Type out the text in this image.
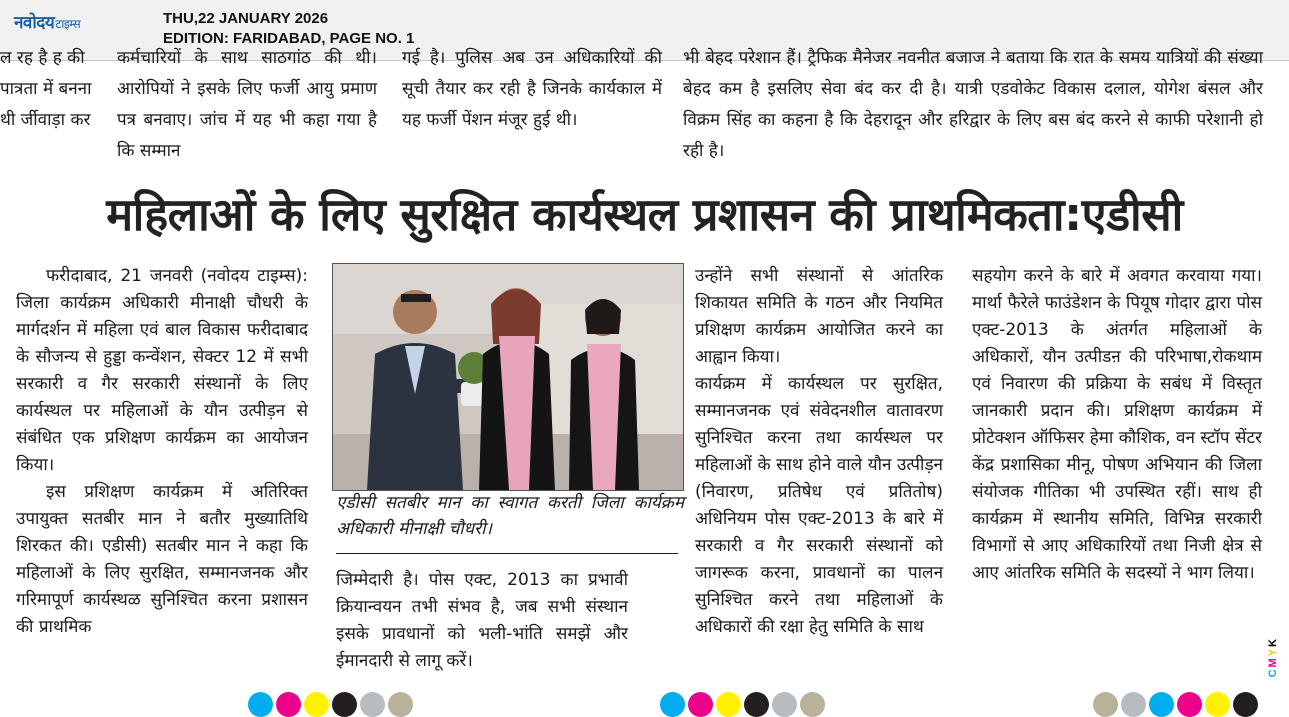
नवोदयटाइम्स	THU,22 JANUARY 2026
EDITION: FARIDABAD, PAGE NO. 1

ल रह है ह की पात्रता में बनना थी र्जीवाड़ा कर

कर्मचारियों के साथ साठगांठ की थी। आरोपियों ने इसके लिए फर्जी आयु प्रमाण पत्र बनवाए। जांच में यह भी कहा गया है कि सम्मान

गई है। पुलिस अब उन अधिकारियों की सूची तैयार कर रही है जिनके कार्यकाल में यह फर्जी पेंशन मंजूर हुई थी।

भी बेहद परेशान हैं। ट्रैफिक मैनेजर नवनीत बजाज ने बताया कि रात के समय यात्रियों की संख्या बेहद कम है इसलिए सेवा बंद कर दी है। यात्री एडवोकेट विकास दलाल, योगेश बंसल और विक्रम सिंह का कहना है कि देहरादून और हरिद्वार के लिए बस बंद करने से काफी परेशानी हो रही है।

महिलाओं के लिए सुरक्षित कार्यस्थल प्रशासन की प्राथमिकता:एडीसी

फरीदाबाद, 21 जनवरी (नवोदय टाइम्स): जिला कार्यक्रम अधिकारी मीनाक्षी चौधरी के मार्गदर्शन में महिला एवं बाल विकास फरीदाबाद के सौजन्य से हुड्डा कन्वेंशन, सेक्टर 12 में सभी सरकारी व गैर सरकारी संस्थानों के लिए कार्यस्थल पर महिलाओं के यौन उत्पीड़न से संबंधित एक प्रशिक्षण कार्यक्रम का आयोजन किया।

इस प्रशिक्षण कार्यक्रम में अतिरिक्त उपायुक्त सतबीर मान ने बतौर मुख्यातिथि शिरकत की। एडीसी) सतबीर मान ने कहा कि महिलाओं के लिए सुरक्षित, सम्मानजनक और गरिमापूर्ण कार्यस्थळ सुनिश्चित करना प्रशासन की प्राथमिक

एडीसी सतबीर मान का स्वागत करती जिला कार्यक्रम अधिकारी मीनाक्षी चौधरी।

जिम्मेदारी है। पोस एक्ट, 2013 का प्रभावी क्रियान्वयन तभी संभव है, जब सभी संस्थान इसके प्रावधानों को भली-भांति समझें और ईमानदारी से लागू करें।

उन्होंने सभी संस्थानों से आंतरिक शिकायत समिति के गठन और नियमित प्रशिक्षण कार्यक्रम आयोजित करने का आह्वान किया।

कार्यक्रम में कार्यस्थल पर सुरक्षित, सम्मानजनक एवं संवेदनशील वातावरण सुनिश्चित करना तथा कार्यस्थल पर महिलाओं के साथ होने वाले यौन उत्पीड़न (निवारण, प्रतिषेध एवं प्रतितोष) अधिनियम पोस एक्ट-2013 के बारे में सरकारी व गैर सरकारी संस्थानों को जागरूक करना, प्रावधानों का पालन सुनिश्चित करने तथा महिलाओं के अधिकारों की रक्षा हेतु समिति के साथ

सहयोग करने के बारे में अवगत करवाया गया। मार्था फैरेले फाउंडेशन के पियूष गोदार द्वारा पोस एक्ट-2013 के अंतर्गत महिलाओं के अधिकारों, यौन उत्पीडऩ की परिभाषा,रोकथाम एवं निवारण की प्रक्रिया के सबंध में विस्तृत जानकारी प्रदान की। प्रशिक्षण कार्यक्रम में प्रोटेक्शन ऑफिसर हेमा कौशिक, वन स्टॉप सेंटर केंद्र प्रशासिका मीनू, पोषण अभियान की जिला संयोजक गीतिका भी उपस्थित रहीं। साथ ही कार्यक्रम में स्थानीय समिति, विभिन्न सरकारी विभागों से आए अधिकारियों तथा निजी क्षेत्र से आए आंतरिक समिति के सदस्यों ने भाग लिया।

CMYK
